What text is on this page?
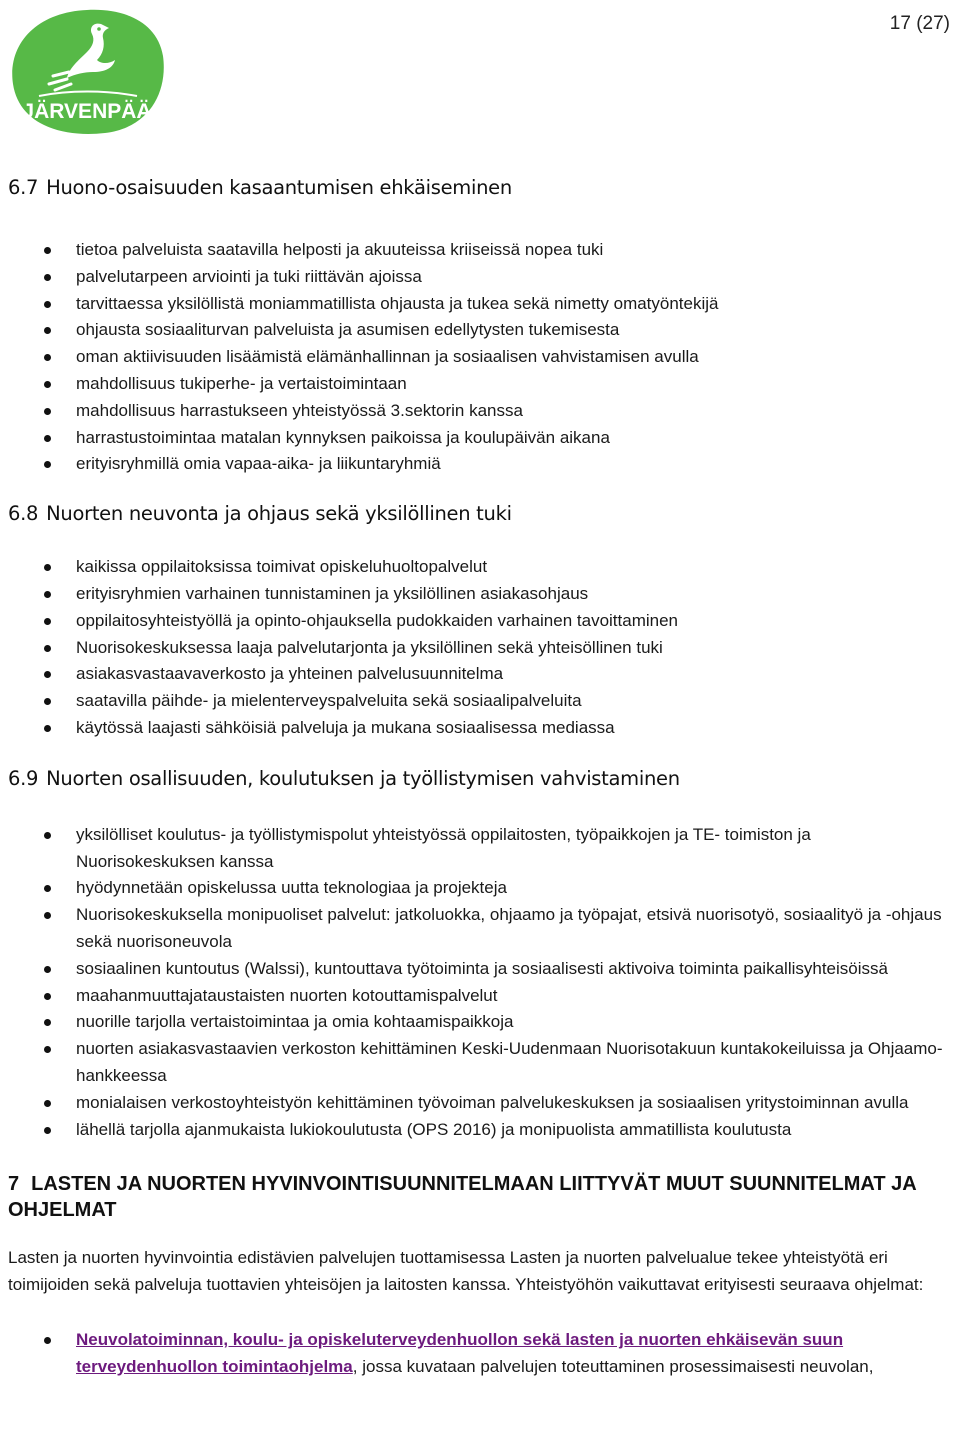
17 (27)
JÄRVENPÄÄ
6.7 Huono-osaisuuden kasaantumisen ehkäiseminen
tietoa palveluista saatavilla helposti ja akuuteissa kriiseissä nopea tuki
palvelutarpeen arviointi ja tuki riittävän ajoissa
tarvittaessa yksilöllistä moniammatillista ohjausta ja tukea sekä nimetty omatyöntekijä
ohjausta sosiaaliturvan palveluista ja asumisen edellytysten tukemisesta
oman aktiivisuuden lisäämistä elämänhallinnan ja sosiaalisen vahvistamisen avulla
mahdollisuus tukiperhe- ja vertaistoimintaan
mahdollisuus harrastukseen yhteistyössä 3.sektorin kanssa
harrastustoimintaa matalan kynnyksen paikoissa ja koulupäivän aikana
erityisryhmillä omia vapaa-aika- ja liikuntaryhmiä
6.8 Nuorten neuvonta ja ohjaus sekä yksilöllinen tuki
kaikissa oppilaitoksissa toimivat opiskeluhuoltopalvelut
erityisryhmien varhainen tunnistaminen ja yksilöllinen asiakasohjaus
oppilaitosyhteistyöllä ja opinto-ohjauksella pudokkaiden varhainen tavoittaminen
Nuorisokeskuksessa laaja palvelutarjonta ja yksilöllinen sekä yhteisöllinen tuki
asiakasvastaavaverkosto ja yhteinen palvelusuunnitelma
saatavilla päihde- ja mielenterveyspalveluita sekä sosiaalipalveluita
käytössä laajasti sähköisiä palveluja ja mukana sosiaalisessa mediassa
6.9 Nuorten osallisuuden, koulutuksen ja työllistymisen vahvistaminen
yksilölliset koulutus- ja työllistymispolut yhteistyössä oppilaitosten, työpaikkojen ja TE- toimiston ja Nuorisokeskuksen kanssa
hyödynnetään opiskelussa uutta teknologiaa ja projekteja
Nuorisokeskuksella monipuoliset palvelut: jatkoluokka, ohjaamo ja työpajat, etsivä nuorisotyö, sosiaalityö ja -ohjaus sekä nuorisoneuvola
sosiaalinen kuntoutus (Walssi), kuntouttava työtoiminta ja sosiaalisesti aktivoiva toiminta paikallisyhteisöissä
maahanmuuttajataustaisten nuorten kotouttamispalvelut
nuorille tarjolla vertaistoimintaa ja omia kohtaamispaikkoja
nuorten asiakasvastaavien verkoston kehittäminen Keski-Uudenmaan Nuorisotakuun kuntakokeiluissa ja Ohjaamo-hankkeessa
monialaisen verkostoyhteistyön kehittäminen työvoiman palvelukeskuksen ja sosiaalisen yritystoiminnan avulla
lähellä tarjolla ajanmukaista lukiokoulutusta (OPS 2016) ja monipuolista ammatillista koulutusta
7 LASTEN JA NUORTEN HYVINVOINTISUUNNITELMAAN LIITTYVÄT MUUT SUUNNITELMAT JA OHJELMAT

Lasten ja nuorten hyvinvointia edistävien palvelujen tuottamisessa Lasten ja nuorten palvelualue tekee yhteistyötä eri toimijoiden sekä palveluja tuottavien yhteisöjen ja laitosten kanssa. Yhteistyöhön vaikuttavat erityisesti seuraava ohjelmat:

Neuvolatoiminnan, koulu- ja opiskeluterveydenhuollon sekä lasten ja nuorten ehkäisevän suun terveydenhuollon toimintaohjelma, jossa kuvataan palvelujen toteuttaminen prosessimaisesti neuvolan,
